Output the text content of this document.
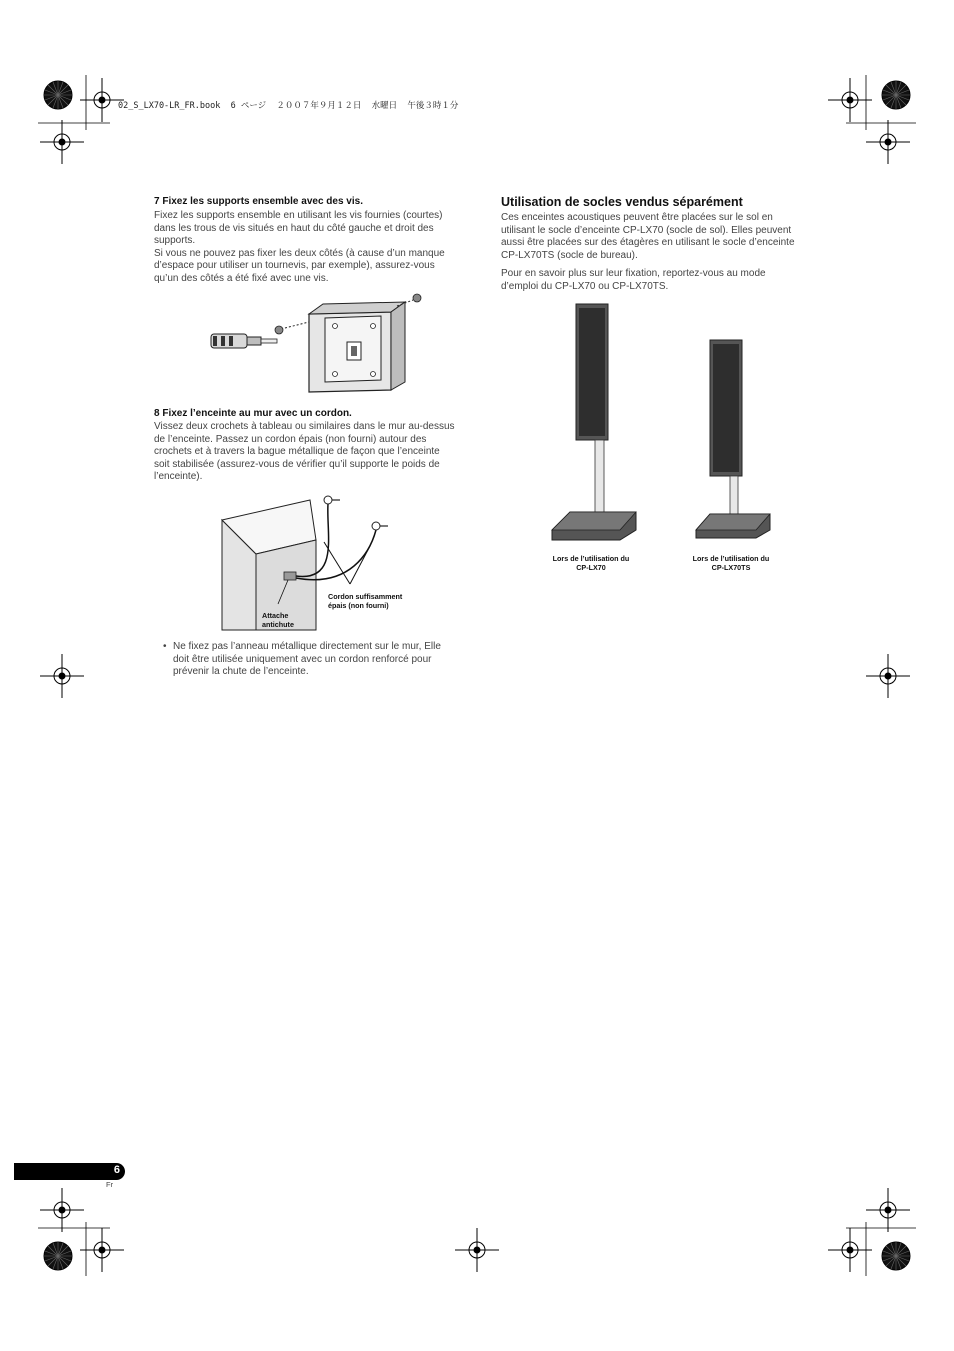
02_S_LX70-LR_FR.book  6 ページ  ２００７年９月１２日  水曜日  午後３時１分
7 Fixez les supports ensemble avec des vis.

Fixez les supports ensemble en utilisant les vis fournies (courtes)

dans les trous de vis situés en haut du côté gauche et droit des

supports.

Si vous ne pouvez pas fixer les deux côtés (à cause d’un manque

d’espace pour utiliser un tournevis, par exemple), assurez-vous

qu’un des côtés a été fixé avec une vis.

8 Fixez l’enceinte au mur avec un cordon.

Vissez deux crochets à tableau ou similaires dans le mur au-dessus

de l’enceinte. Passez un cordon épais (non fourni) autour des

crochets et à travers la bague métallique de façon que l’enceinte

soit stabilisée (assurez-vous de vérifier qu’il supporte le poids de

l’enceinte).

Attache
antichute
Cordon suffisamment
épais (non fourni)
• Ne fixez pas l’anneau métallique directement sur le mur, Elle

doit être utilisée uniquement avec un cordon renforcé pour

prévenir la chute de l’enceinte.

Utilisation de socles vendus séparément

Ces enceintes acoustiques peuvent être placées sur le sol en

utilisant le socle d’enceinte CP-LX70 (socle de sol). Elles peuvent

aussi être placées sur des étagères en utilisant le socle d’enceinte

CP-LX70TS (socle de bureau).

Pour en savoir plus sur leur fixation, reportez-vous au mode

d’emploi du CP-LX70 ou CP-LX70TS.

Lors de l’utilisation du
CP-LX70
Lors de l’utilisation du
CP-LX70TS
6
Fr
